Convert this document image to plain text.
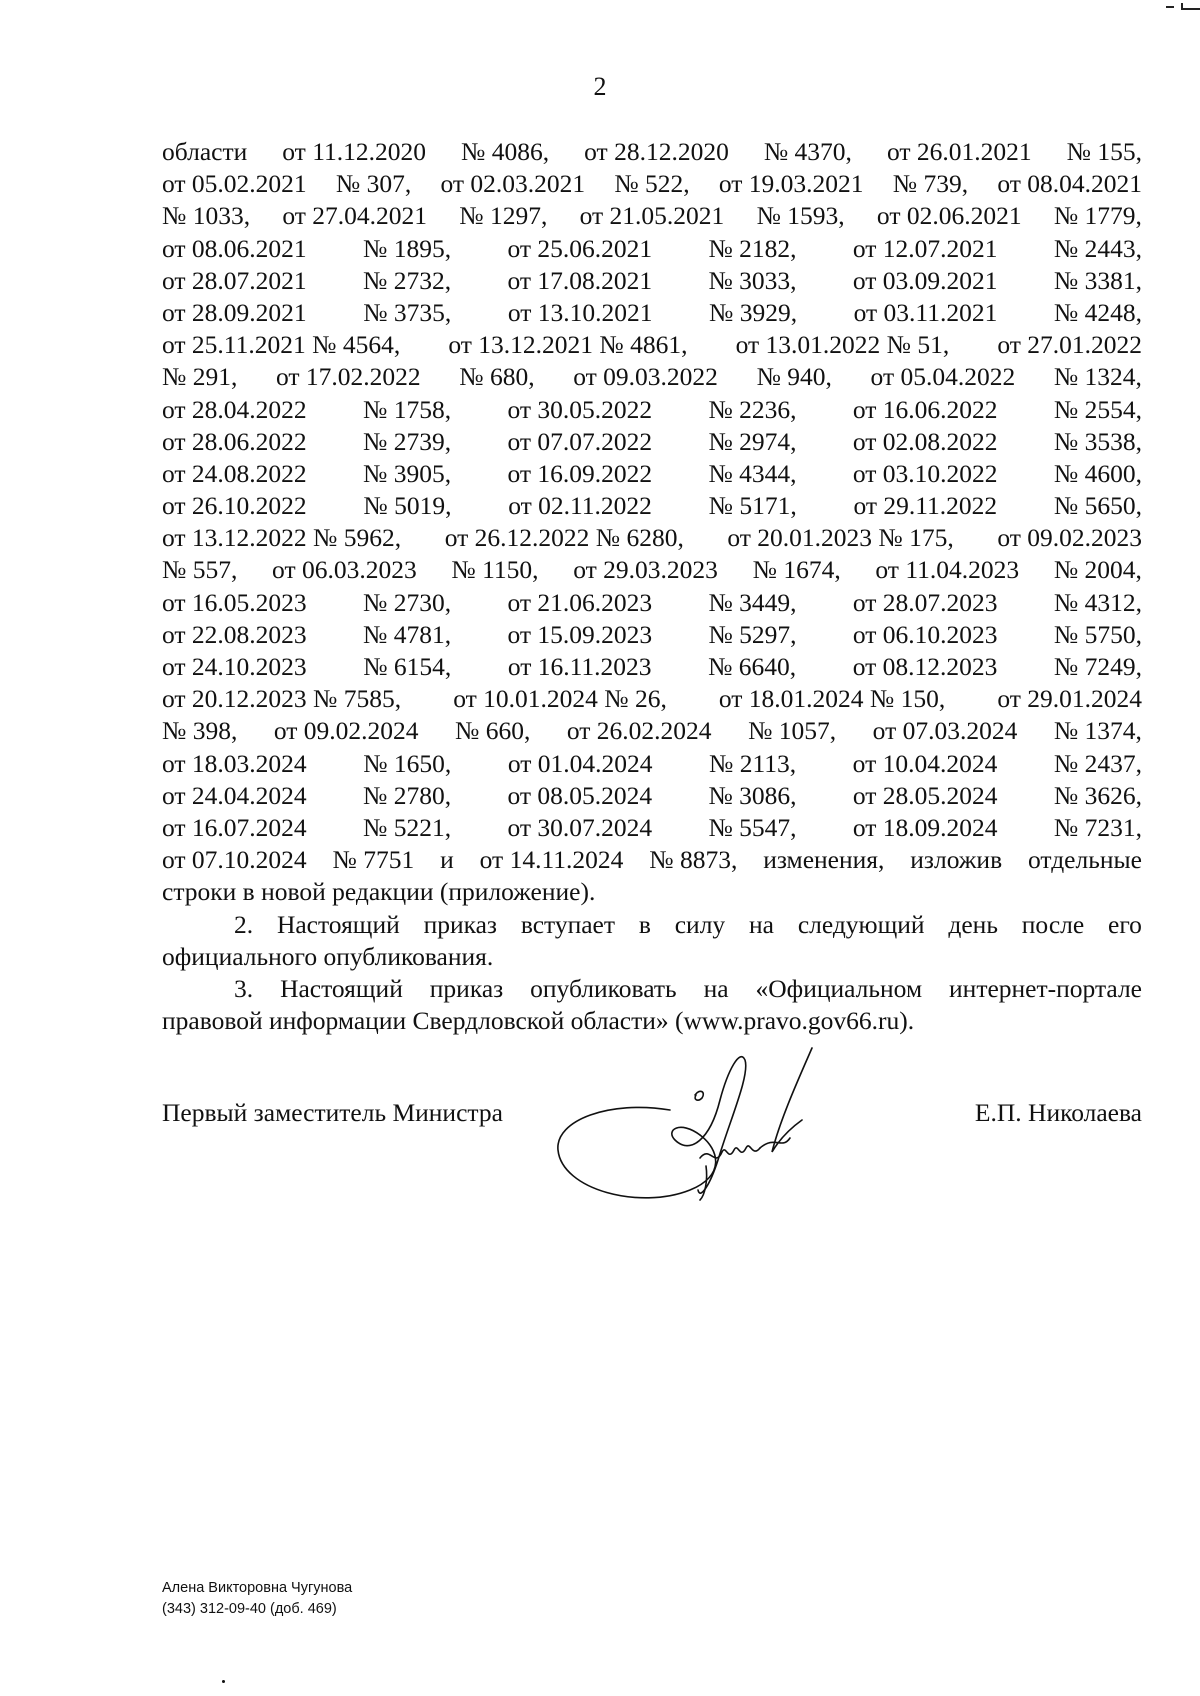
2
области от 11.12.2020 № 4086, от 28.12.2020 № 4370, от 26.01.2021 № 155,
от 05.02.2021 № 307, от 02.03.2021 № 522, от 19.03.2021 № 739, от 08.04.2021
№ 1033, от 27.04.2021 № 1297, от 21.05.2021 № 1593, от 02.06.2021 № 1779,
от 08.06.2021 № 1895, от 25.06.2021 № 2182, от 12.07.2021 № 2443,
от 28.07.2021 № 2732, от 17.08.2021 № 3033, от 03.09.2021 № 3381,
от 28.09.2021 № 3735, от 13.10.2021 № 3929, от 03.11.2021 № 4248,
от 25.11.2021 № 4564, от 13.12.2021 № 4861, от 13.01.2022 № 51, от 27.01.2022
№ 291, от 17.02.2022 № 680, от 09.03.2022 № 940, от 05.04.2022 № 1324,
от 28.04.2022 № 1758, от 30.05.2022 № 2236, от 16.06.2022 № 2554,
от 28.06.2022 № 2739, от 07.07.2022 № 2974, от 02.08.2022 № 3538,
от 24.08.2022 № 3905, от 16.09.2022 № 4344, от 03.10.2022 № 4600,
от 26.10.2022 № 5019, от 02.11.2022 № 5171, от 29.11.2022 № 5650,
от 13.12.2022 № 5962, от 26.12.2022 № 6280, от 20.01.2023 № 175, от 09.02.2023
№ 557, от 06.03.2023 № 1150, от 29.03.2023 № 1674, от 11.04.2023 № 2004,
от 16.05.2023 № 2730, от 21.06.2023 № 3449, от 28.07.2023 № 4312,
от 22.08.2023 № 4781, от 15.09.2023 № 5297, от 06.10.2023 № 5750,
от 24.10.2023 № 6154, от 16.11.2023 № 6640, от 08.12.2023 № 7249,
от 20.12.2023 № 7585, от 10.01.2024 № 26, от 18.01.2024 № 150, от 29.01.2024
№ 398, от 09.02.2024 № 660, от 26.02.2024 № 1057, от 07.03.2024 № 1374,
от 18.03.2024 № 1650, от 01.04.2024 № 2113, от 10.04.2024 № 2437,
от 24.04.2024 № 2780, от 08.05.2024 № 3086, от 28.05.2024 № 3626,
от 16.07.2024 № 5221, от 30.07.2024 № 5547, от 18.09.2024 № 7231,
от 07.10.2024 № 7751 и от 14.11.2024 № 8873, изменения, изложив отдельные
строки в новой редакции (приложение).
2. Настоящий приказ вступает в силу на следующий день после его
официального опубликования.
3. Настоящий приказ опубликовать на «Официальном интернет-портале
правовой информации Свердловской области» (www.pravo.gov66.ru).
Первый заместитель Министра	Е.П. Николаева
Алена Викторовна Чугунова
(343) 312-09-40 (доб. 469)
